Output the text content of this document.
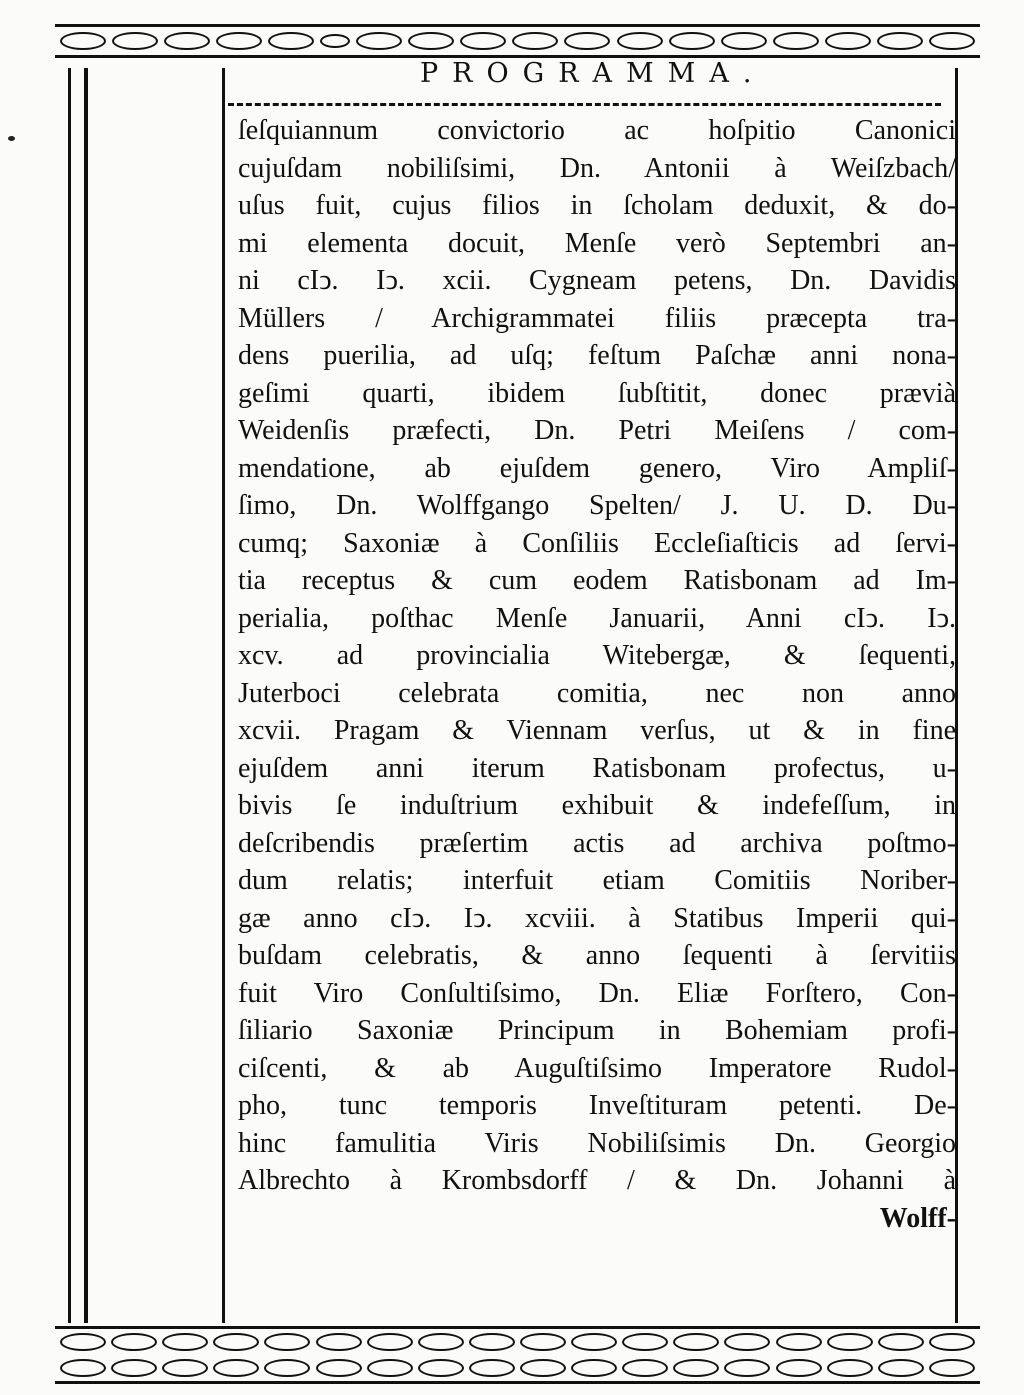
PROGRAMMA.
ſeſquiannum convictorio ac hoſpitio Canonici
cujuſdam nobiliſsimi, Dn. Antonii à Weiſzbach/
uſus fuit, cujus filios in ſcholam deduxit, & do-
mi elementa docuit, Menſe verò Septembri an-
ni cIↄ. Iↄ. xcii. Cygneam petens, Dn. Davidis
Müllers / Archigrammatei filiis præcepta tra-
dens puerilia, ad uſq; feſtum Paſchæ anni nona-
geſimi quarti, ibidem ſubſtitit, donec prævià
Weidenſis præfecti, Dn. Petri Meiſens / com-
mendatione, ab ejuſdem genero, Viro Ampliſ-
ſimo, Dn. Wolffgango Spelten/ J. U. D. Du-
cumq; Saxoniæ à Conſiliis Eccleſiaſticis ad ſervi-
tia receptus & cum eodem Ratisbonam ad Im-
perialia, poſthac Menſe Januarii, Anni cIↄ. Iↄ.
xcv. ad provincialia Witebergæ, & ſequenti,
Juterboci celebrata comitia, nec non anno
xcvii. Pragam & Viennam verſus, ut & in fine
ejuſdem anni iterum Ratisbonam profectus, u-
bivis ſe induſtrium exhibuit & indefeſſum, in
deſcribendis præſertim actis ad archiva poſtmo-
dum relatis; interfuit etiam Comitiis Noriber-
gæ anno cIↄ. Iↄ. xcviii. à Statibus Imperii qui-
buſdam celebratis, & anno ſequenti à ſervitiis
fuit Viro Conſultiſsimo, Dn. Eliæ Forſtero, Con-
ſiliario Saxoniæ Principum in Bohemiam profi-
ciſcenti, & ab Auguſtiſsimo Imperatore Rudol-
pho, tunc temporis Inveſtituram petenti. De-
hinc famulitia Viris Nobiliſsimis Dn. Georgio
Albrechto à Krombsdorff / & Dn. Johanni à
Wolff-
